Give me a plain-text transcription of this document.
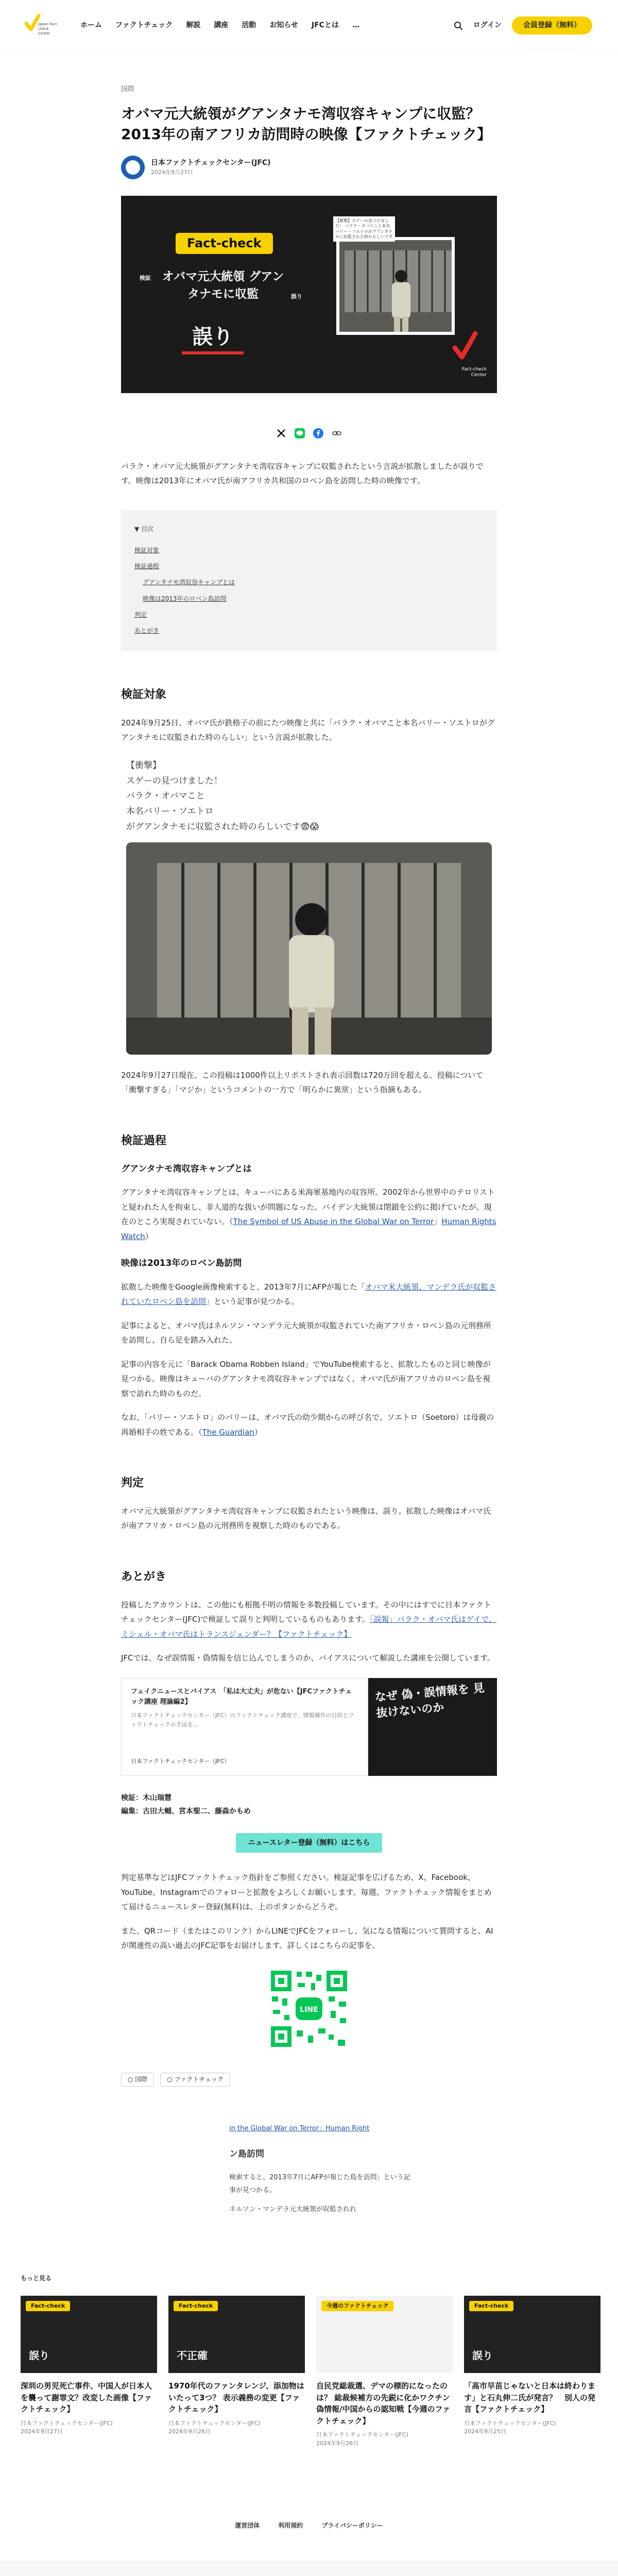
Japan Fact-check Center
ホーム ファクトチェック 解説 講座 活動 お知らせ JFCとは …	ログイン	会員登録（無料）
国際
オバマ元大統領がグアンタナモ湾収容キャンプに収監？　2013年の南アフリカ訪問時の映像【ファクトチェック】
日本ファクトチェックセンター(JFC)
2024年9月27日
Fact-check
検証
誤り
オバマ元大統領 グアンタナモに収監
誤り
【衝撃】スゲーの見つけました！ バラク・オバマこと本名バリー・ソエトロがグアンタナモに収監された時のらしいです
Fact-check Center

バラク・オバマ元大統領がグアンタナモ湾収容キャンプに収監されたという言説が拡散しましたが誤りです。映像は2013年にオバマ氏が南アフリカ共和国のロベン島を訪問した時の映像です。

▼ 目次
検証対象
検証過程
グアンタナモ湾収容キャンプとは
映像は2013年のロベン島訪問
判定
あとがき
検証対象

2024年9月25日、オバマ氏が鉄格子の前にたつ映像と共に「バラク・オバマこと本名バリー・ソエトロがグアンタナモに収監された時のらしい」という言説が拡散した。

【衝撃】
スゲーの見つけました！
バラク・オバマこと
本名バリー・ソエトロ
がグアンタナモに収監された時のらしいです😨😱

2024年9月27日現在、この投稿は1000件以上リポストされ表示回数は720万回を超える。投稿について「衝撃すぎる」「マジか」というコメントの一方で「明らかに異常」という指摘もある。

検証過程
グアンタナモ湾収容キャンプとは

グアンタナモ湾収容キャンプとは、キューバにある米海軍基地内の収容所。2002年から世界中のテロリストと疑われた人を拘束し、非人道的な扱いが問題になった。バイデン大統領は閉鎖を公約に掲げていたが、現在のところ実現されていない。（The Symbol of US Abuse in the Global War on Terror」Human Rights Watch）

映像は2013年のロベン島訪問

拡散した映像をGoogle画像検索すると、2013年7月にAFPが報じた「オバマ米大統領、マンデラ氏が収監されていたロベン島を訪問」という記事が見つかる。

記事によると、オバマ氏はネルソン・マンデラ元大統領が収監されていた南アフリカ・ロベン島の元刑務所を訪問し、自ら足を踏み入れた。

記事の内容を元に「Barack Obama Robben Island」でYouTube検索すると、拡散したものと同じ映像が見つかる。映像はキューバのグアンタナモ湾収容キャンプではなく、オバマ氏が南アフリカのロベン島を視察で訪れた時のものだ。

なお、「バリー・ソエトロ」のバリーは、オバマ氏の幼少期からの呼び名で、ソエトロ（Soetoro）は母親の再婚相手の姓である。（The Guardian）

判定

オバマ元大統領がグアンタナモ湾収容キャンプに収監されたという映像は、誤り。拡散した映像はオバマ氏が南アフリカ・ロベン島の元刑務所を視察した時のものである。

あとがき

投稿したアカウントは、この他にも根拠不明の情報を多数投稿しています。その中にはすでに日本ファクトチェックセンター(JFC)で検証して誤りと判明しているものもあります。「誤報」バラク・オバマ氏はゲイで、ミシェル・オバマ氏はトランスジェンダー？【ファクトチェック】

JFCでは、なぜ誤情報・偽情報を信じ込んでしまうのか、バイアスについて解説した講座を公開しています。

フェイクニュースとバイアス　「私は大丈夫」が危ない【JFCファクトチェック講座 理論編2】
日本ファクトチェックセンター（JFC）のファクトチェック講座で、情報操作の目的とファクトチェックの手法を…
日本ファクトチェックセンター（JFC）
なぜ 偽・誤情報を 見抜けないのか
検証：木山瑞慧
編集：古田大輔、宮本聖二、藤森かもめ
ニュースレター登録（無料）はこちら

判定基準などはJFCファクトチェック指針をご参照ください。検証記事を広げるため、X、Facebook、YouTube、Instagramでのフォローと拡散をよろしくお願いします。毎週、ファクトチェック情報をまとめて届けるニュースレター登録(無料)は、上のボタンからどうぞ。

また、QRコード（またはこのリンク）からLINEでJFCをフォローし、気になる情報について質問すると、AIが関連性の高い過去のJFC記事をお届けします。詳しくはこちらの記事を。

LINE
○ 国際	○ ファクトチェック
in the Global War on Terror」Human Right
ン島訪問
検索すると、2013年7月にAFPが報じた島を訪問」という記事が見つかる。
ネルソン・マンデラ元大統領が収監されれ
もっと見る
Fact-check
誤り
深圳の男児死亡事件、中国人が日本人を襲って謝罪文？改変した画像【ファクトチェック】
日本ファクトチェックセンター(JFC)
2024年9月27日
Fact-check
不正確
1970年代のファンタレンジ、添加物はいたって3つ？ 表示義務の変更【ファクトチェック】
日本ファクトチェックセンター(JFC)
2024年9月26日
今週のファクトチェック
自民党総裁選、デマの標的になったのは？ 総裁候補方の先鋭に化かワクチン偽情報/中国からの認知戦【今週のファクトチェック】
日本ファクトチェックセンター(JFC)
2024年9月26日
Fact-check
誤り
「高市早苗じゃないと日本は終わります」と石丸伸二氏が発言？　別人の発言【ファクトチェック】
日本ファクトチェックセンター(JFC)
2024年9月25日
運営団体	利用規約	プライバシーポリシー
